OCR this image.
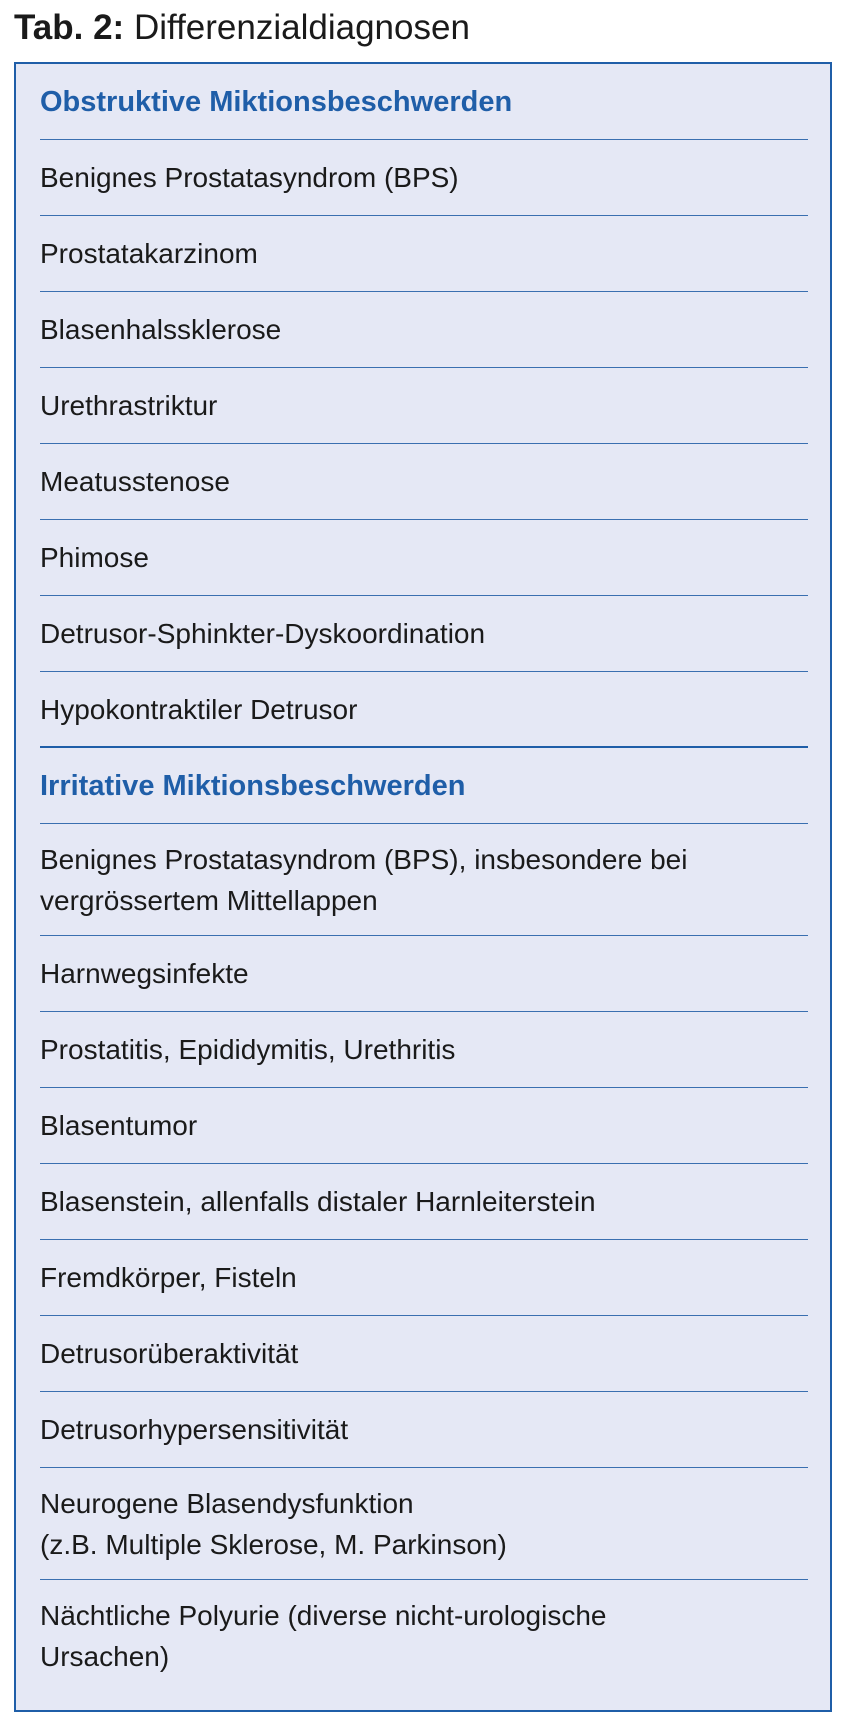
Tab. 2: Differenzialdiagnosen
Obstruktive Miktionsbeschwerden
Benignes Prostatasyndrom (BPS)
Prostatakarzinom
Blasenhalssklerose
Urethrastriktur
Meatusstenose
Phimose
Detrusor-Sphinkter-Dyskoordination
Hypokontraktiler Detrusor
Irritative Miktionsbeschwerden
Benignes Prostatasyndrom (BPS), insbesondere bei
vergrössertem Mittellappen
Harnwegsinfekte
Prostatitis, Epididymitis, Urethritis
Blasentumor
Blasenstein, allenfalls distaler Harnleiterstein
Fremdkörper, Fisteln
Detrusorüberaktivität
Detrusorhypersensitivität
Neurogene Blasendysfunktion
(z.B. Multiple Sklerose, M. Parkinson)
Nächtliche Polyurie (diverse nicht-urologische
Ursachen)
